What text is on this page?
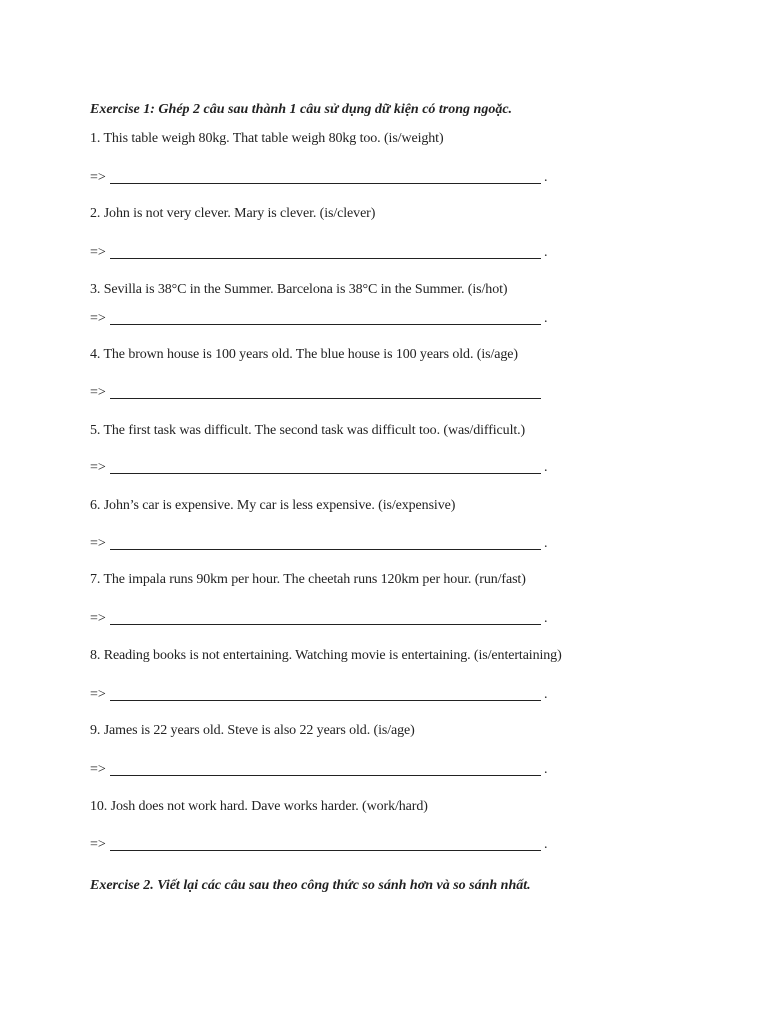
Exercise 1: Ghép 2 câu sau thành 1 câu sử dụng dữ kiện có trong ngoặc.
1. This table weigh 80kg. That table weigh 80kg too. (is/weight)
=>	.
2. John is not very clever. Mary is clever. (is/clever)
=>	.
3. Sevilla is 38°C in the Summer. Barcelona is 38°C in the Summer. (is/hot)
=>	.
4. The brown house is 100 years old. The blue house is 100 years old. (is/age)
=>
5. The first task was difficult. The second task was difficult too. (was/difficult.)
=>	.
6. John’s car is expensive. My car is less expensive. (is/expensive)
=>	.
7. The impala runs 90km per hour. The cheetah runs 120km per hour. (run/fast)
=>	.
8. Reading books is not entertaining. Watching movie is entertaining. (is/entertaining)
=>	.
9. James is 22 years old. Steve is also 22 years old. (is/age)
=>	.
10. Josh does not work hard. Dave works harder. (work/hard)
=>	.
Exercise 2. Viết lại các câu sau theo công thức so sánh hơn và so sánh nhất.
